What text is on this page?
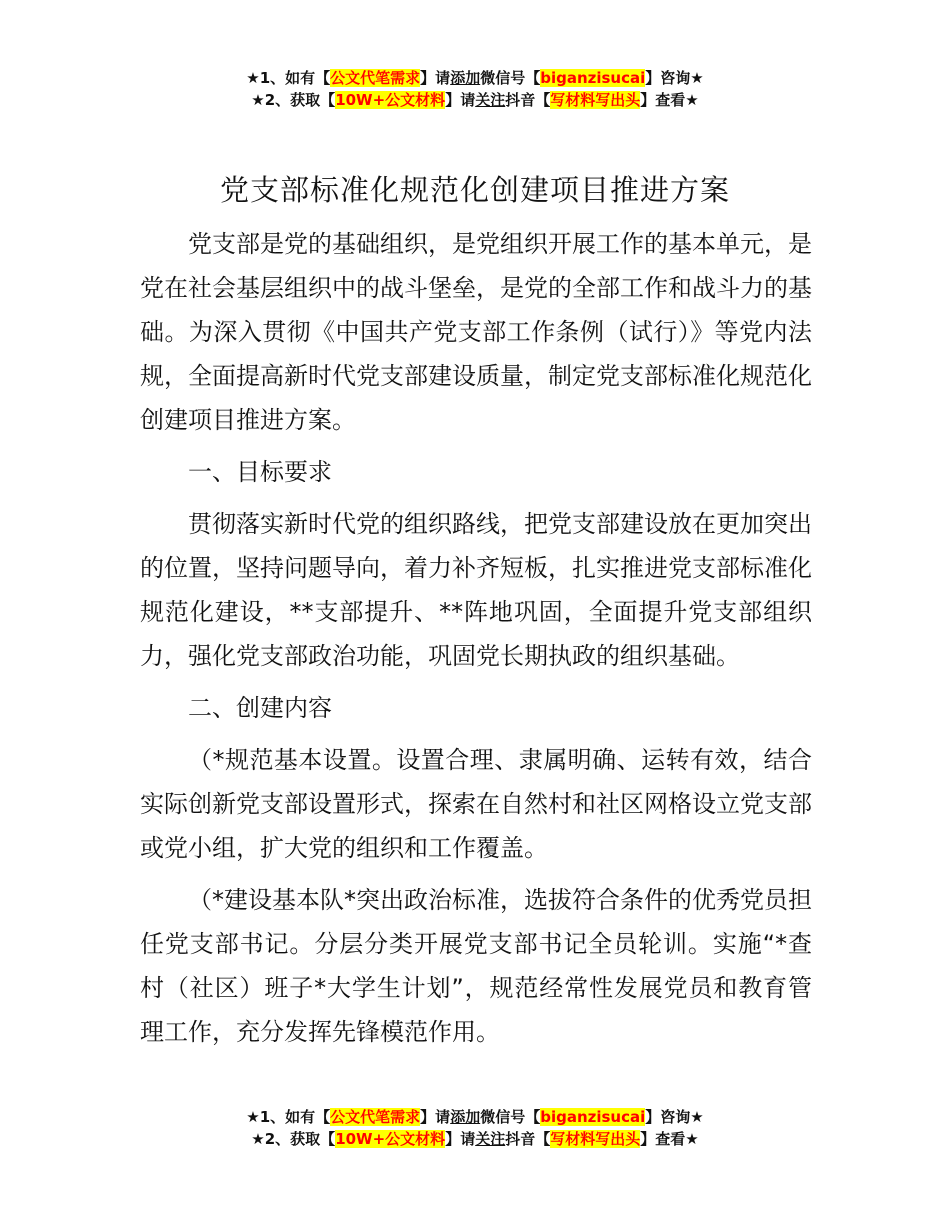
★1、如有【公文代笔需求】请添加微信号【biganzisucai】咨询★
★2、获取【10W+公文材料】请关注抖音【写材料写出头】查看★
党支部标准化规范化创建项目推进方案

党支部是党的基础组织，是党组织开展工作的基本单元，是党在社会基层组织中的战斗堡垒，是党的全部工作和战斗力的基础。为深入贯彻《中国共产党支部工作条例（试行）》等党内法规，全面提高新时代党支部建设质量，制定党支部标准化规范化创建项目推进方案。

一、目标要求

贯彻落实新时代党的组织路线，把党支部建设放在更加突出的位置，坚持问题导向，着力补齐短板，扎实推进党支部标准化规范化建设，**支部提升、**阵地巩固，全面提升党支部组织力，强化党支部政治功能，巩固党长期执政的组织基础。

二、创建内容

（*规范基本设置。设置合理、隶属明确、运转有效，结合实际创新党支部设置形式，探索在自然村和社区网格设立党支部或党小组，扩大党的组织和工作覆盖。

（*建设基本队*突出政治标准，选拔符合条件的优秀党员担任党支部书记。分层分类开展党支部书记全员轮训。实施“*查村（社区）班子*大学生计划”，规范经常性发展党员和教育管理工作，充分发挥先锋模范作用。

★1、如有【公文代笔需求】请添加微信号【biganzisucai】咨询★
★2、获取【10W+公文材料】请关注抖音【写材料写出头】查看★
